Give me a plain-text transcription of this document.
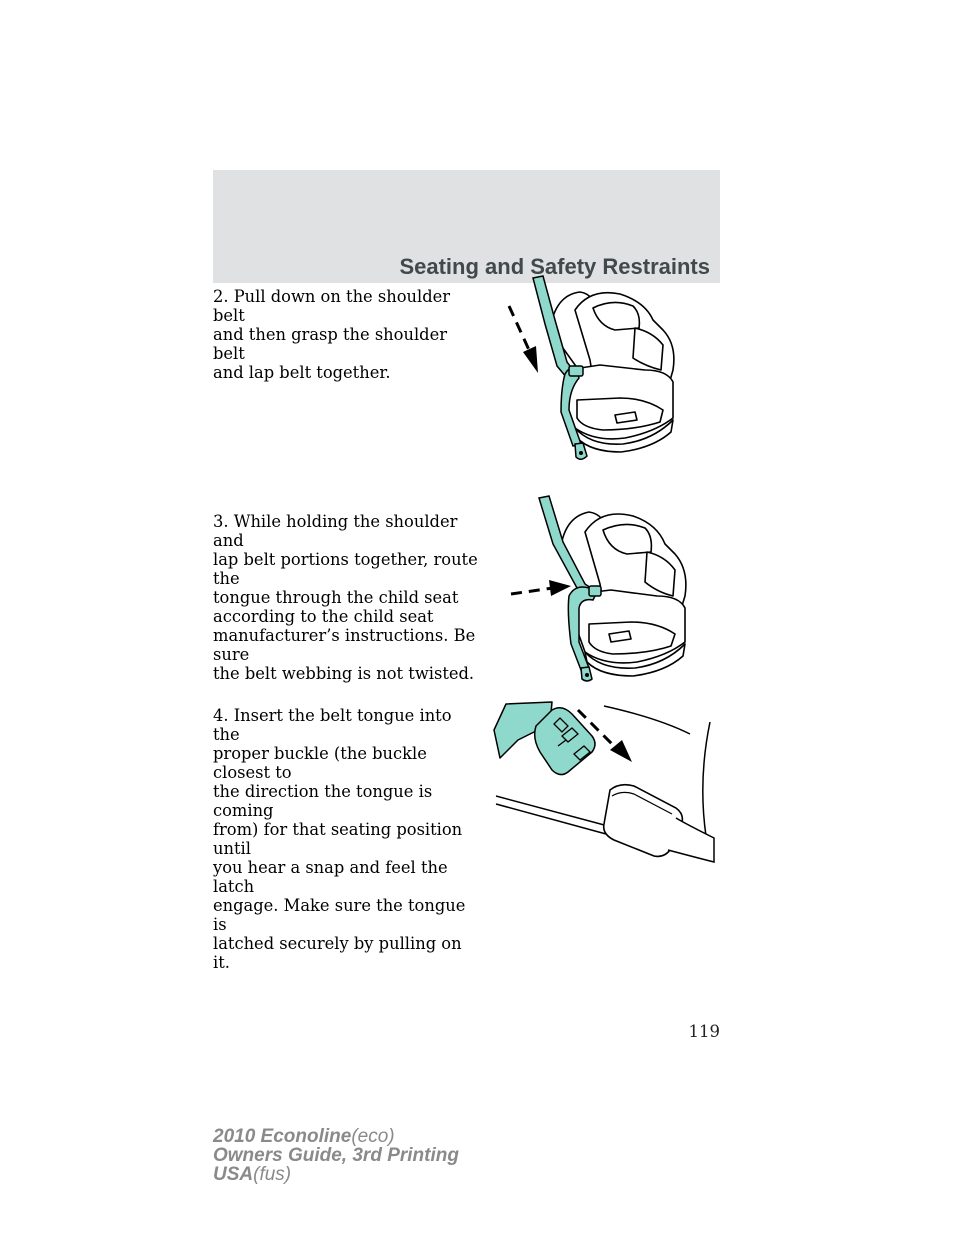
Seating and Safety Restraints
2. Pull down on the shoulder belt
and then grasp the shoulder belt
and lap belt together.
3. While holding the shoulder and
lap belt portions together, route the
tongue through the child seat
according to the child seat
manufacturer’s instructions. Be sure
the belt webbing is not twisted.
4. Insert the belt tongue into the
proper buckle (the buckle closest to
the direction the tongue is coming
from) for that seating position until
you hear a snap and feel the latch
engage. Make sure the tongue is
latched securely by pulling on it.
119
2010 Econoline(eco)
Owners Guide, 3rd Printing
USA(fus)
